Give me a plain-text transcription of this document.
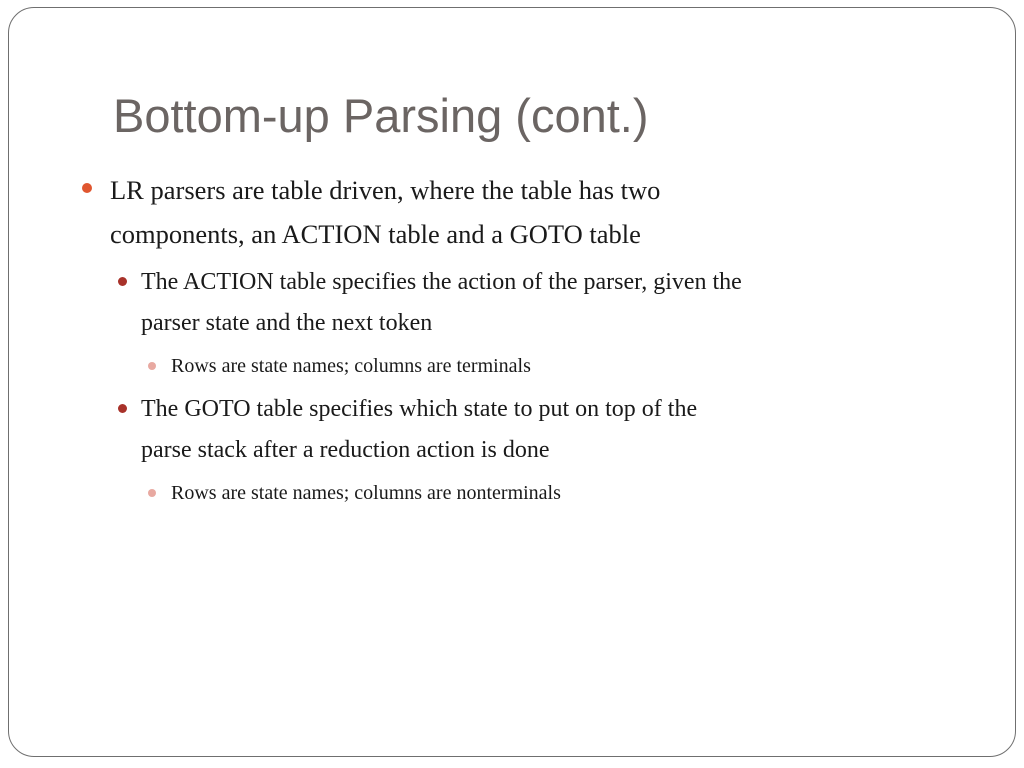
Bottom-up Parsing (cont.)
LR parsers are table driven, where the table has two
components, an ACTION table and a GOTO table
The ACTION table specifies the action of the parser, given the
parser state and the next token
Rows are state names; columns are terminals
The GOTO table specifies which state to put on top of the
parse stack after a reduction action is done
Rows are state names; columns are nonterminals
